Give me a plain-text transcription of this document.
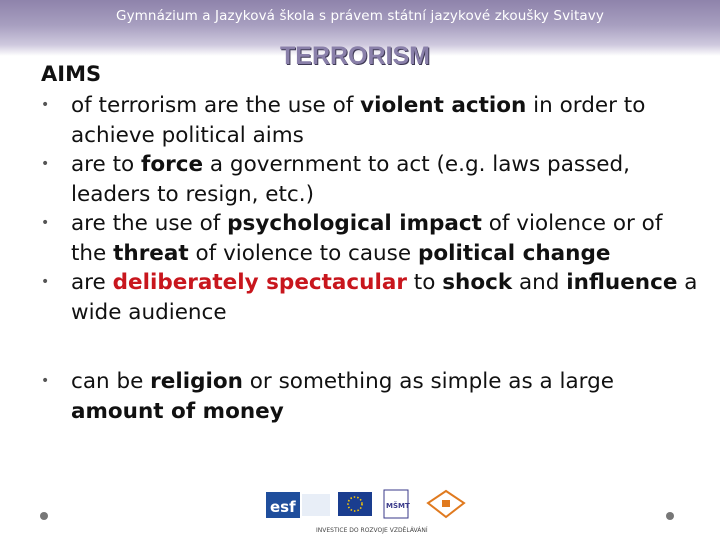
Gymnázium a Jazyková škola s právem státní jazykové zkoušky Svitavy
TERRORISM
AIMS
• of terrorism are the use of violent action in order to achieve political aims
• are to force a government to act (e.g. laws passed, leaders to resign, etc.)
• are the use of psychological impact of violence or of the threat of violence to cause political change
• are deliberately spectacular to shock and influence a wide audience
• can be religion or something as simple as a large amount of money
esf	MŠMT
INVESTICE DO ROZVOJE VZDĚLÁVÁNÍ
